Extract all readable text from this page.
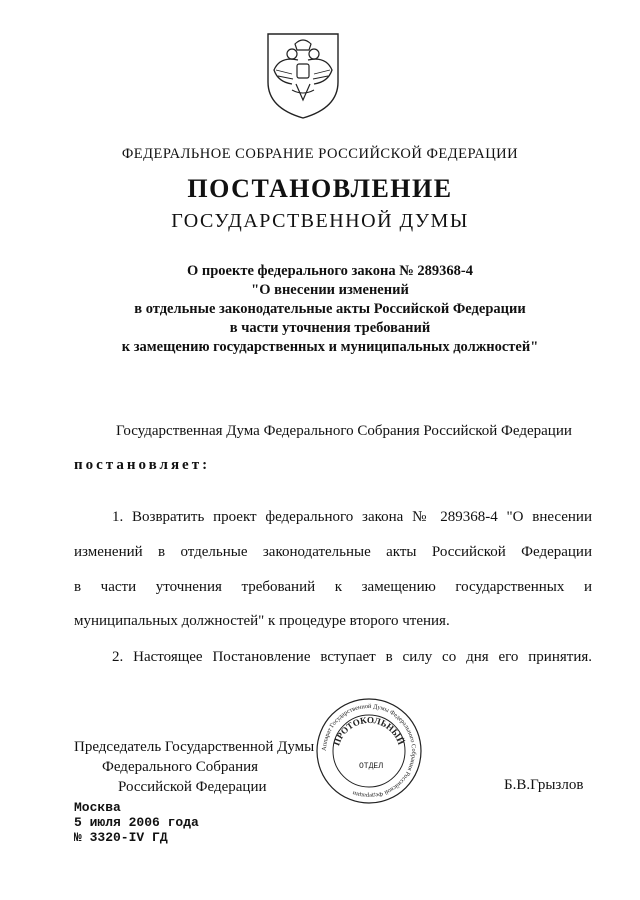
ФЕДЕРАЛЬНОЕ СОБРАНИЕ РОССИЙСКОЙ ФЕДЕРАЦИИ
ПОСТАНОВЛЕНИЕ
ГОСУДАРСТВЕННОЙ ДУМЫ
О проекте федерального закона № 289368-4
"О внесении изменений
в отдельные законодательные акты Российской Федерации
в части уточнения требований
к замещению государственных и муниципальных должностей"
Государственная Дума Федерального Собрания Российской Федерации
постановляет:
1. Возвратить проект федерального закона № 289368-4 "О внесении
изменений в отдельные законодательные акты Российской Федерации
в части уточнения требований к замещению государственных и
муниципальных должностей" к процедуре второго чтения.
2. Настоящее Постановление вступает в силу со дня его принятия.
Председатель Государственной Думы
Федерального Собрания
Российской Федерации	Б.В.Грызлов
Аппарат Государственной Думы Федерального Собрания Российской Федерации
ПРОТОКОЛЬНЫЙ
ОТДЕЛ
Москва
5 июля 2006 года
№ 3320-IV ГД
